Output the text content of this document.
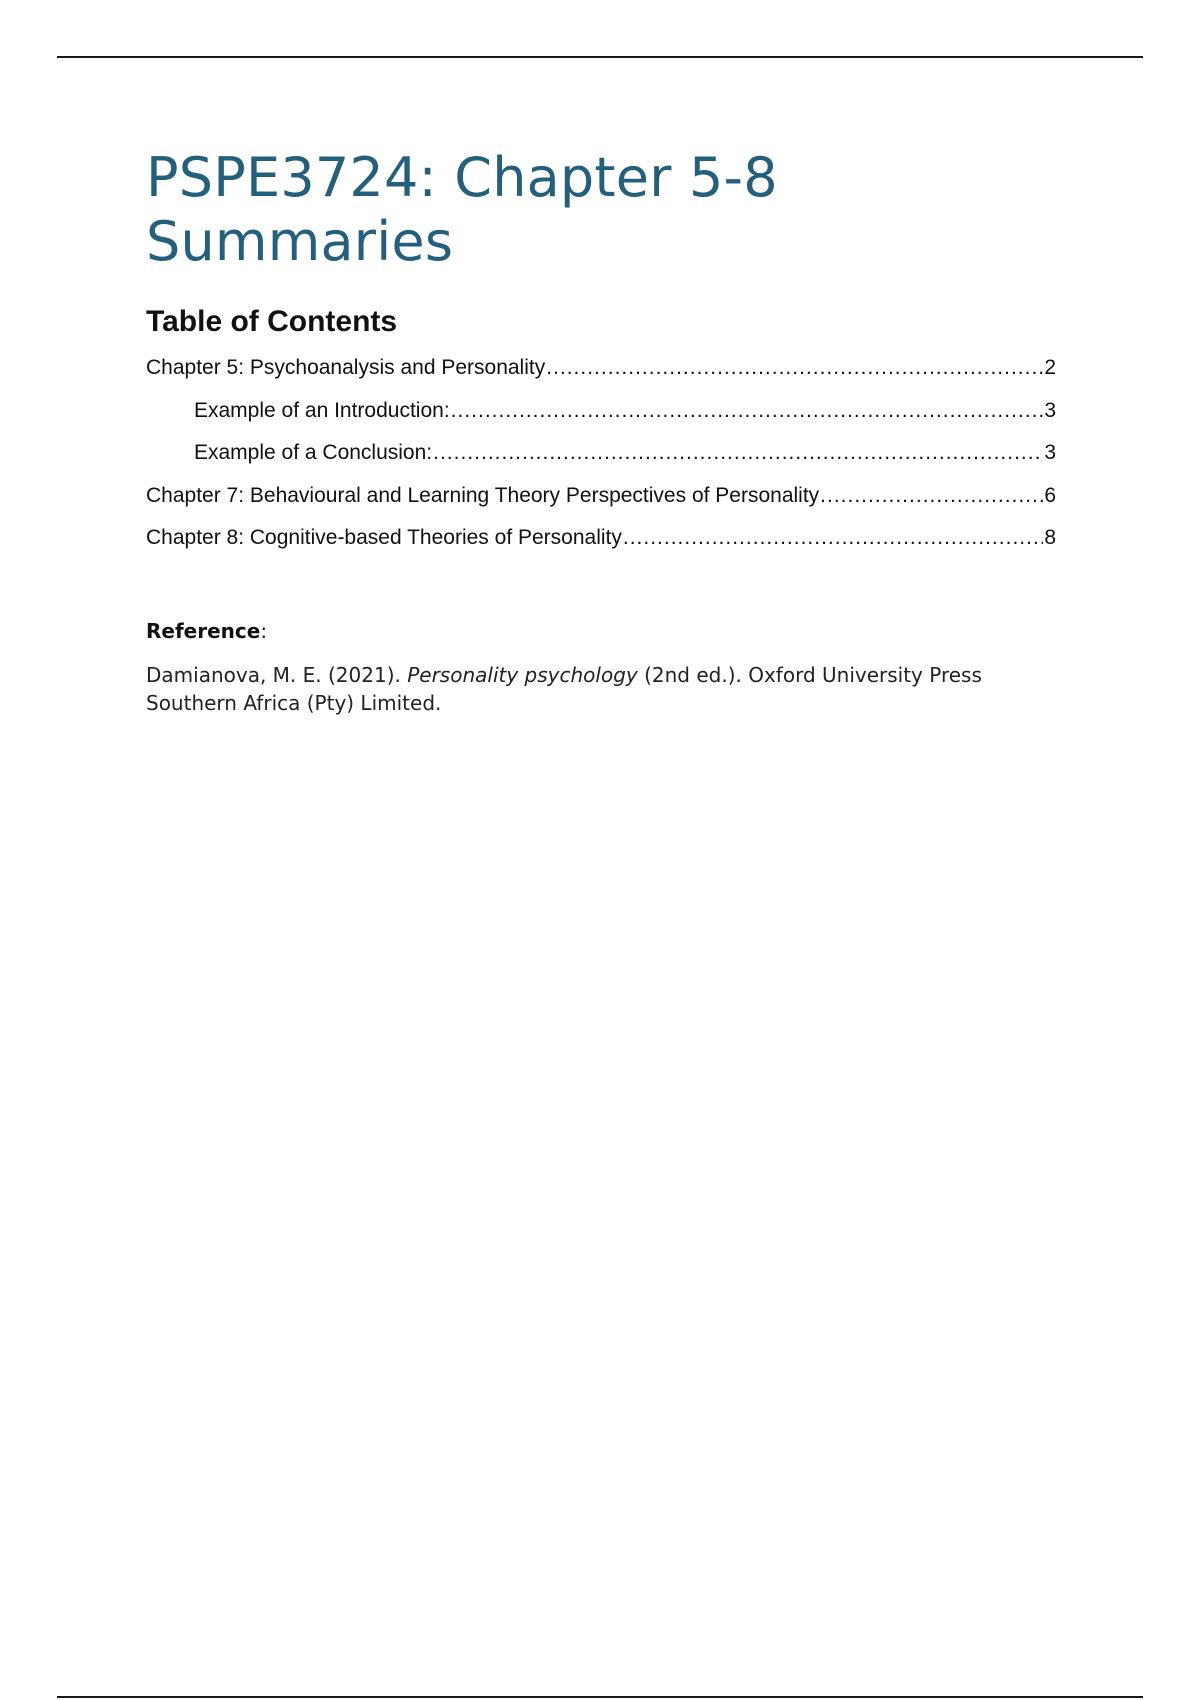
PSPE3724: Chapter 5-8
Summaries
Table of Contents
Chapter 5: Psychoanalysis and Personality .....	2
Example of an Introduction: .....	3
Example of a Conclusion: .....	3
Chapter 7: Behavioural and Learning Theory Perspectives of Personality .....	6
Chapter 8: Cognitive-based Theories of Personality .....	8

Reference:

Damianova, M. E. (2021). Personality psychology (2nd ed.). Oxford University Press
Southern Africa (Pty) Limited.
